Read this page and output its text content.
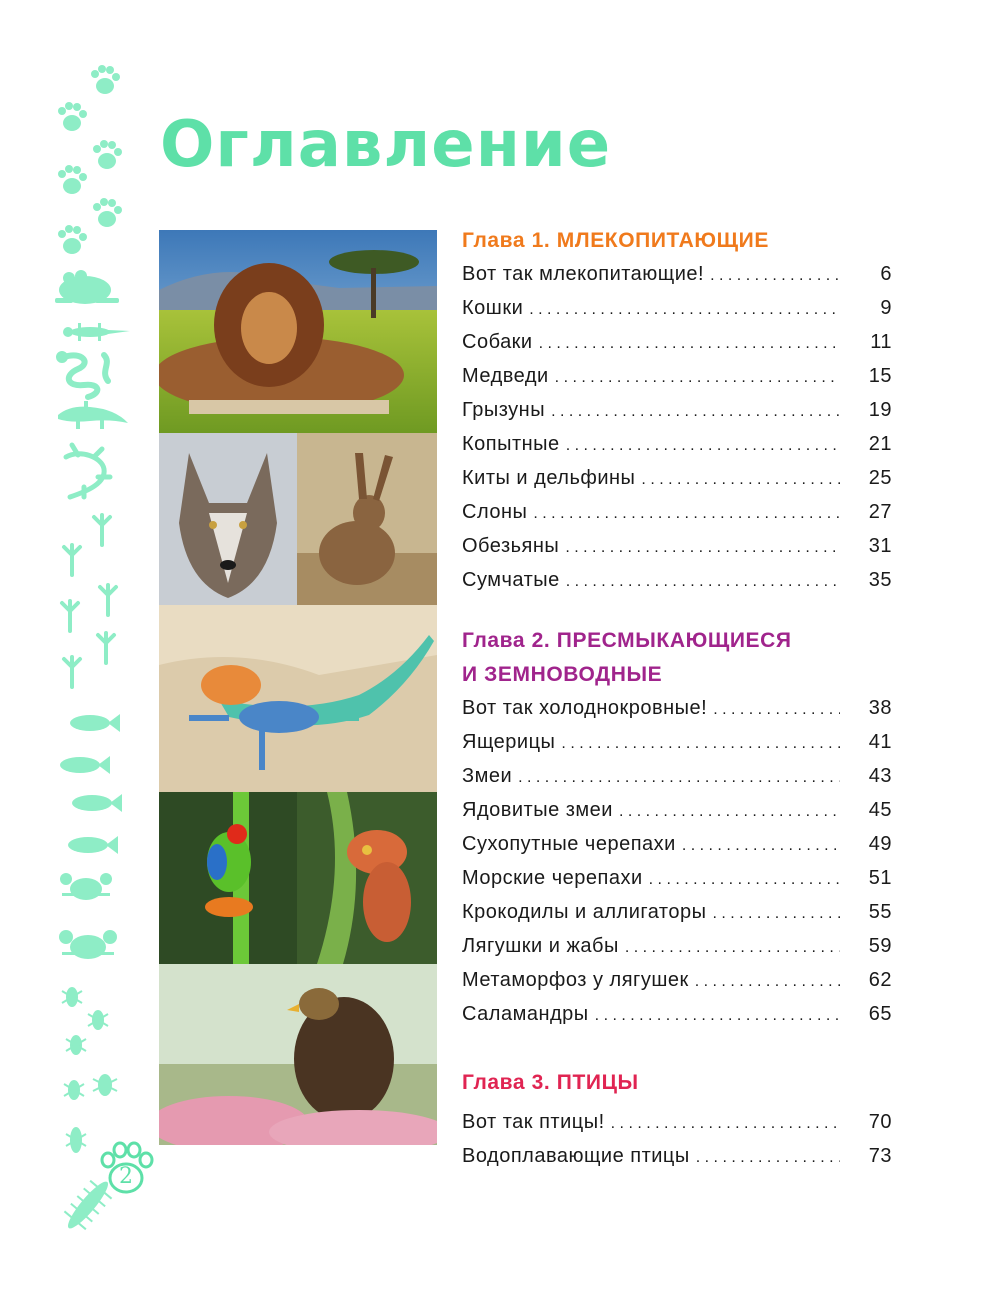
2
Оглавление
Глава 1. МЛЕКОПИТАЮЩИЕ
Вот так млекопитающие! . . .	6
Кошки . . .	9
Собаки . . .	11
Медведи . . .	15
Грызуны . . .	19
Копытные . . .	21
Киты и дельфины . . .	25
Слоны . . .	27
Обезьяны . . .	31
Сумчатые . . .	35
Глава 2. ПРЕСМЫКАЮЩИЕСЯ
И ЗЕМНОВОДНЫЕ
Вот так холоднокровные! . . .	38
Ящерицы . . .	41
Змеи . . .	43
Ядовитые змеи . . .	45
Сухопутные черепахи . . .	49
Морские черепахи . . .	51
Крокодилы и аллигаторы . . .	55
Лягушки и жабы . . .	59
Метаморфоз у лягушек . . .	62
Саламандры . . .	65
Глава 3. ПТИЦЫ
Вот так птицы! . . .	70
Водоплавающие птицы . . .	73
